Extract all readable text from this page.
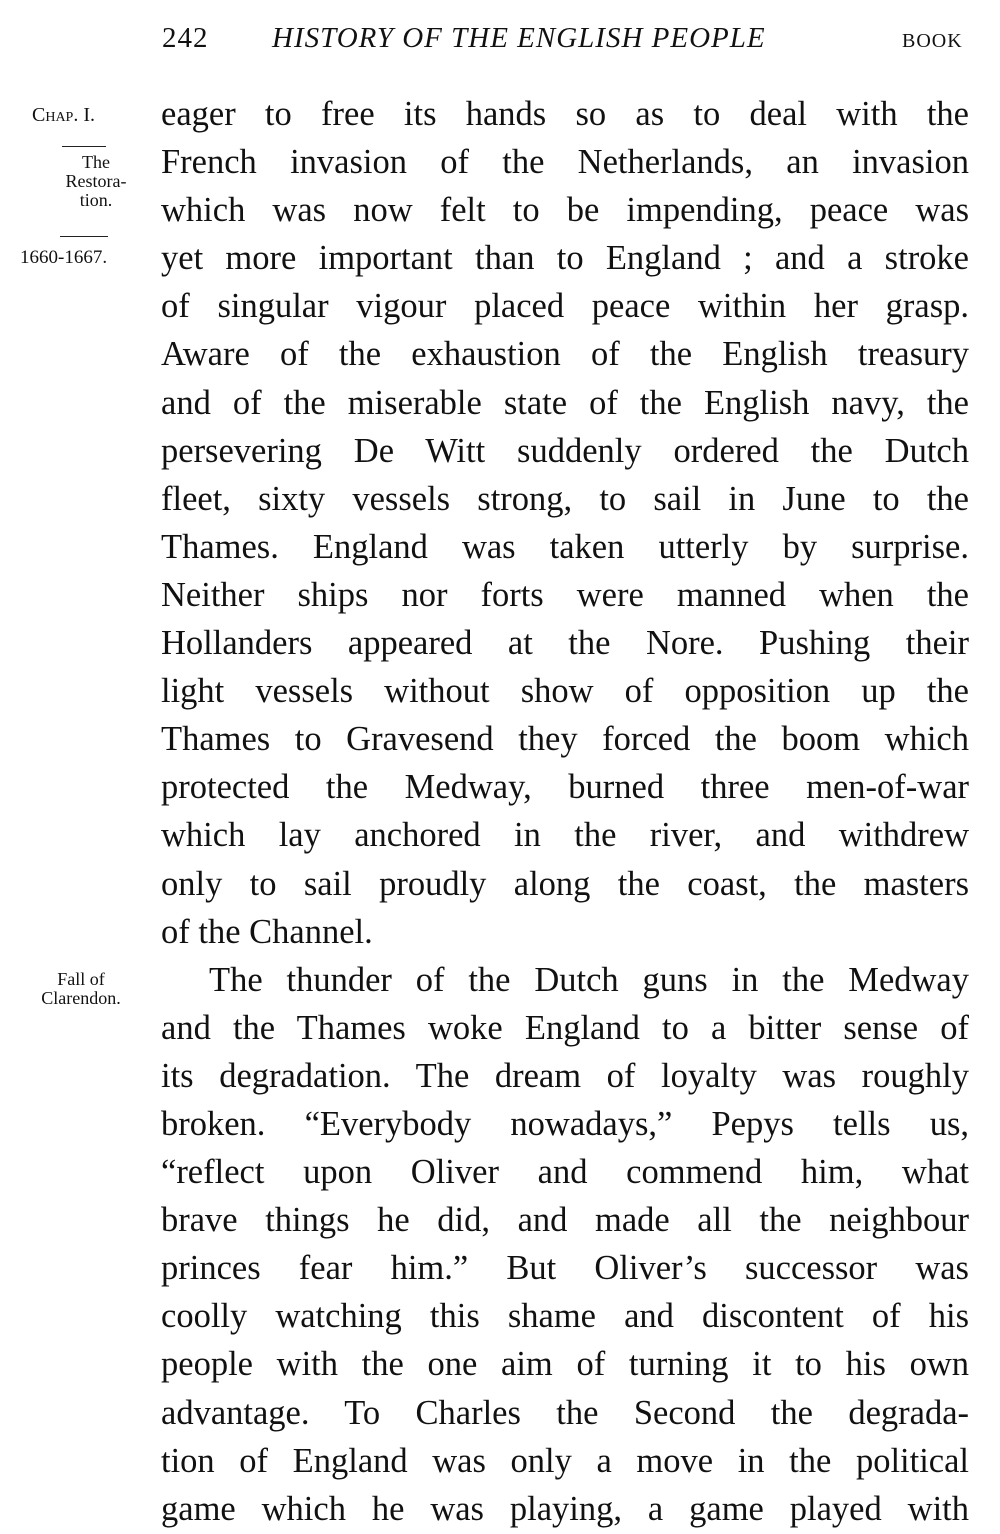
242 HISTORY OF THE ENGLISH PEOPLE	BOOK
Chap. I.
The
Restora-
tion.
1660-1667.
Fall of
Clarendon.
eager to free its hands so as to deal with the
French invasion of the Netherlands, an invasion
which was now felt to be impending, peace was
yet more important than to England ; and a stroke
of singular vigour placed peace within her grasp.
Aware of the exhaustion of the English treasury
and of the miserable state of the English navy, the
persevering De Witt suddenly ordered the Dutch
fleet, sixty vessels strong, to sail in June to the
Thames. England was taken utterly by surprise.
Neither ships nor forts were manned when the
Hollanders appeared at the Nore. Pushing their
light vessels without show of opposition up the
Thames to Gravesend they forced the boom which
protected the Medway, burned three men-of-war
which lay anchored in the river, and withdrew
only to sail proudly along the coast, the masters
of the Channel.
The thunder of the Dutch guns in the Medway
and the Thames woke England to a bitter sense of
its degradation. The dream of loyalty was roughly
broken. “Everybody nowadays,” Pepys tells us,
“reflect upon Oliver and commend him, what
brave things he did, and made all the neighbour
princes fear him.” But Oliver’s successor was
coolly watching this shame and discontent of his
people with the one aim of turning it to his own
advantage. To Charles the Second the degrada-
tion of England was only a move in the political
game which he was playing, a game played with
